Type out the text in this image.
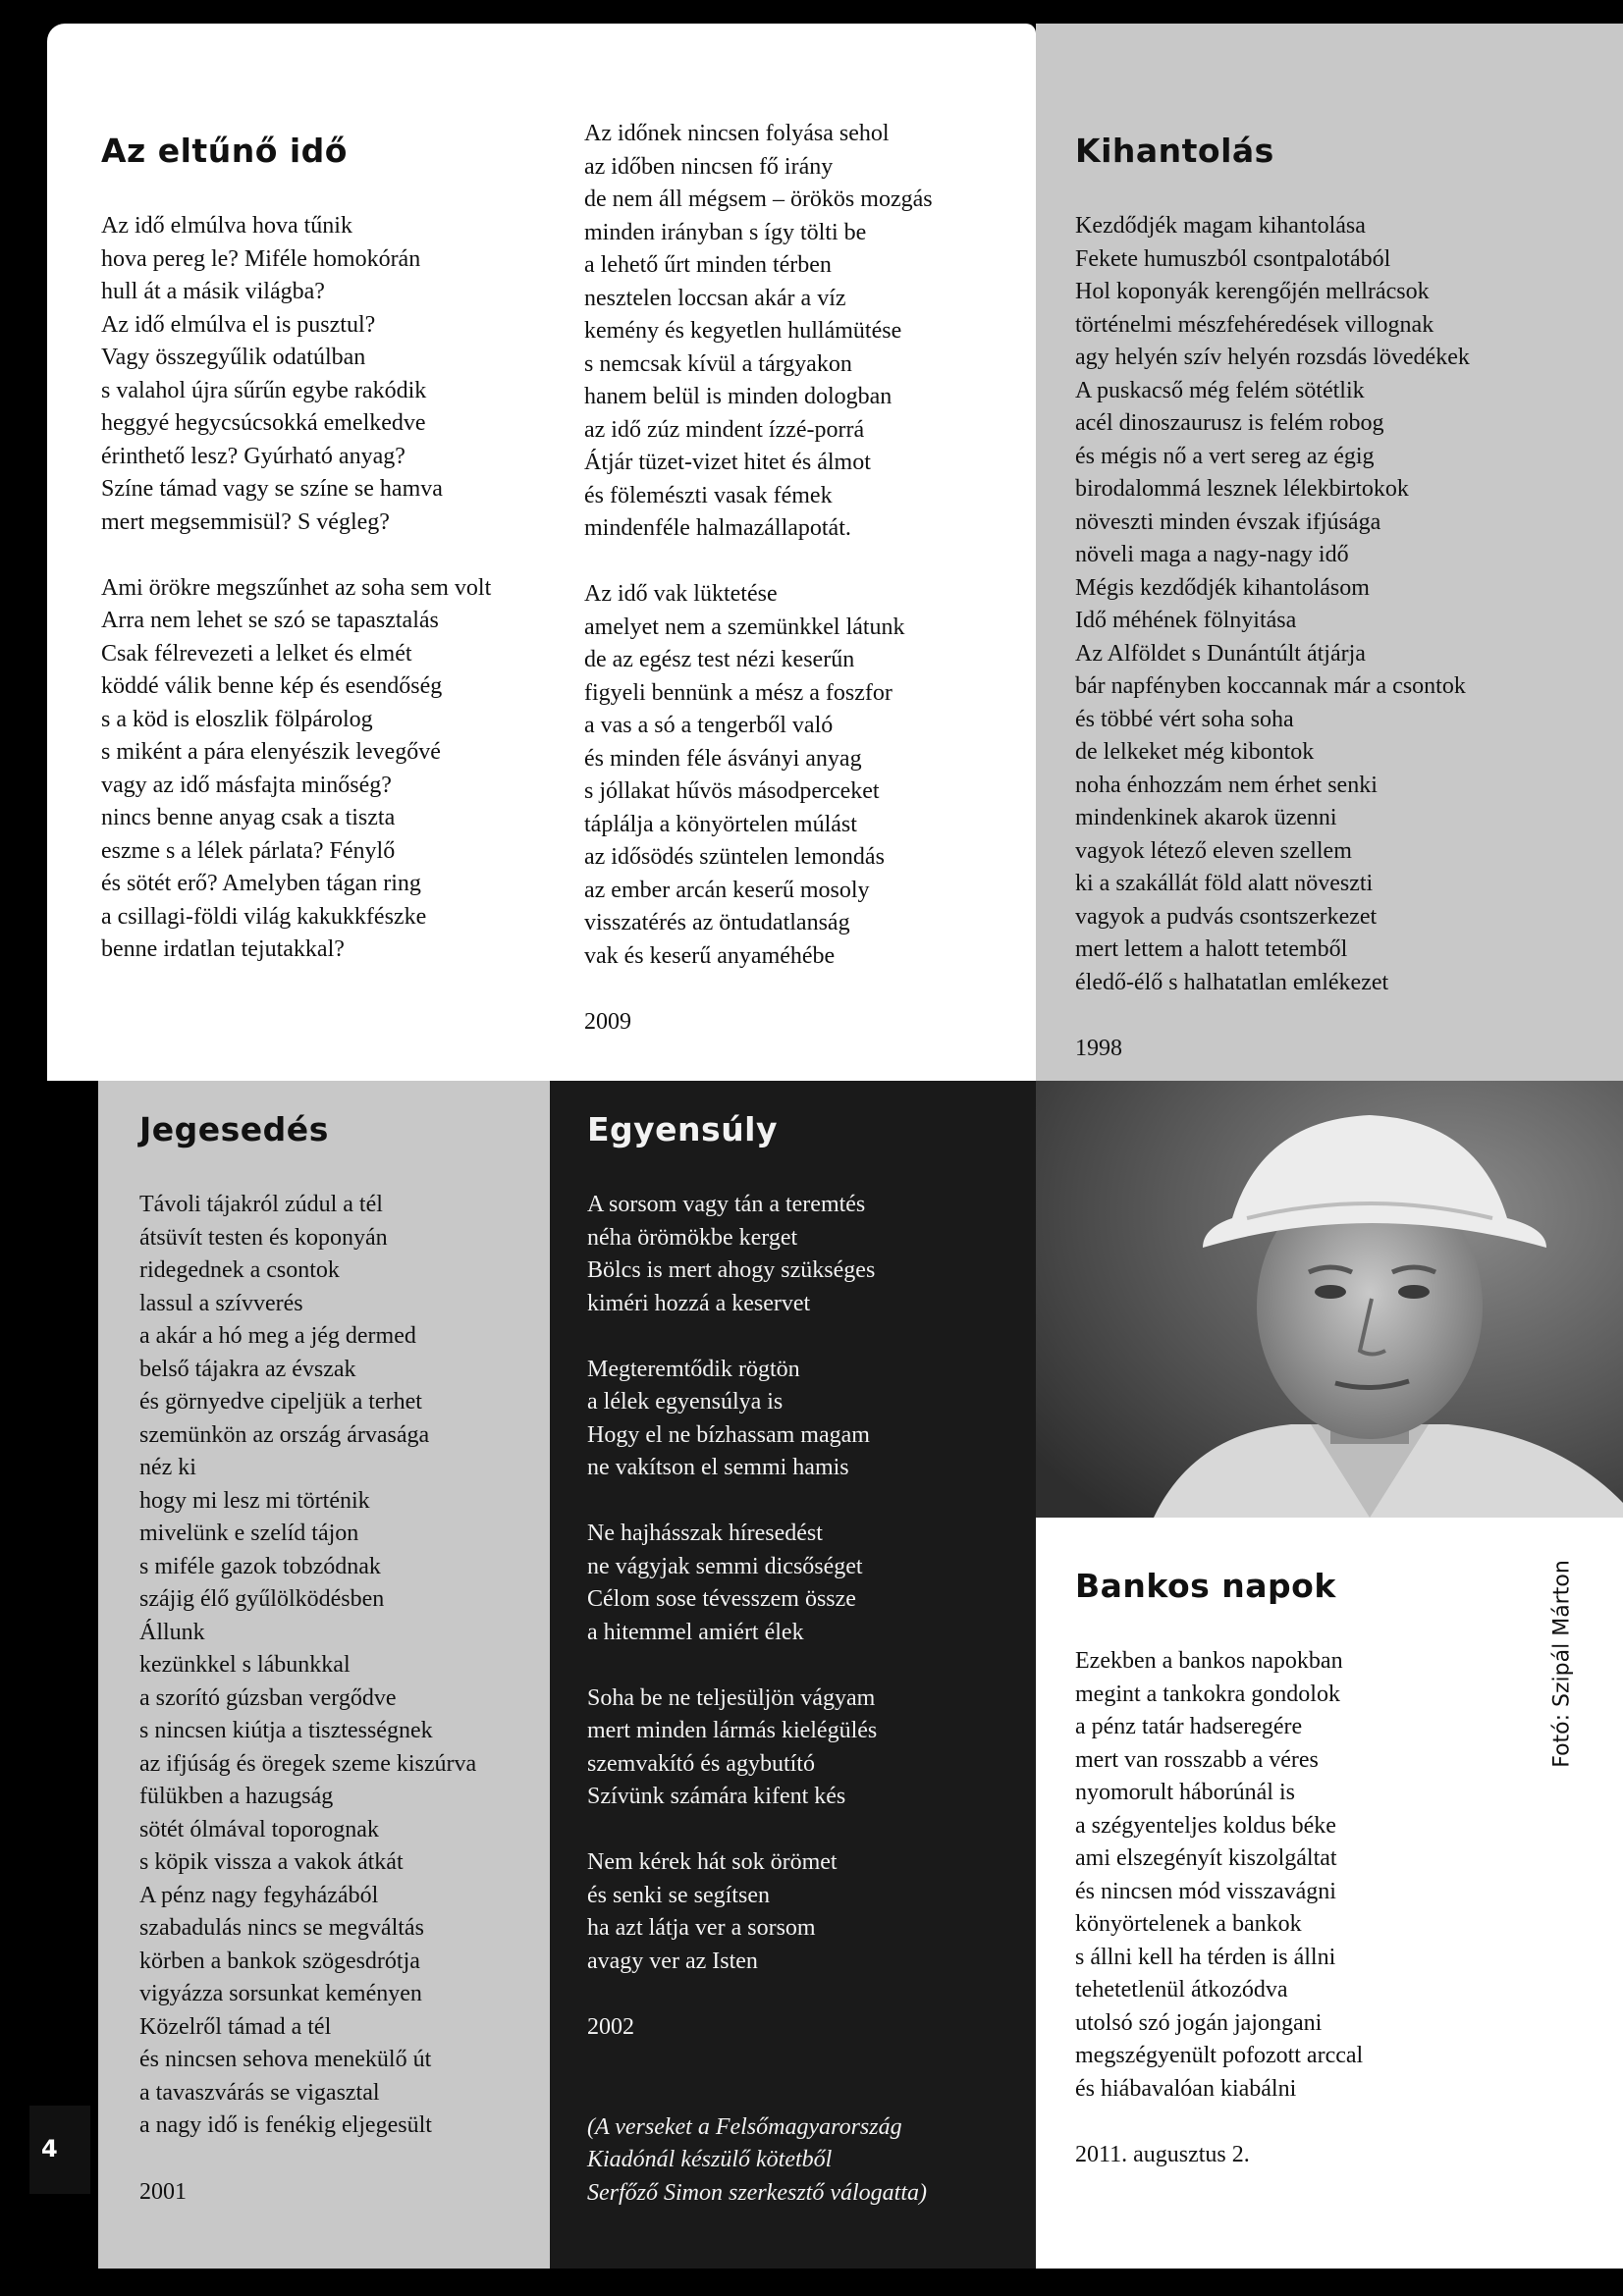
Az eltűnő idő

Az idő elmúlva hova tűnik
hova pereg le? Miféle homokórán
hull át a másik világba?
Az idő elmúlva el is pusztul?
Vagy összegyűlik odatúlban
s valahol újra sűrűn egybe rakódik
heggyé hegycsúcsokká emelkedve
érinthető lesz? Gyúrható anyag?
Színe támad vagy se színe se hamva
mert megsemmisül? S végleg?

Ami örökre megszűnhet az soha sem volt
Arra nem lehet se szó se tapasztalás
Csak félrevezeti a lelket és elmét
köddé válik benne kép és esendőség
s a köd is eloszlik fölpárolog
s miként a pára elenyészik levegővé
vagy az idő másfajta minőség?
nincs benne anyag csak a tiszta
eszme s a lélek párlata? Fénylő
és sötét erő? Amelyben tágan ring
a csillagi-földi világ kakukkfészke
benne irdatlan tejutakkal?

Az időnek nincsen folyása sehol
az időben nincsen fő irány
de nem áll mégsem – örökös mozgás
minden irányban s így tölti be
a lehető űrt minden térben
nesztelen loccsan akár a víz
kemény és kegyetlen hullámütése
s nemcsak kívül a tárgyakon
hanem belül is minden dologban
az idő zúz mindent ízzé-porrá
Átjár tüzet-vizet hitet és álmot
és fölemészti vasak fémek
mindenféle halmazállapotát.

Az idő vak lüktetése
amelyet nem a szemünkkel látunk
de az egész test nézi keserűn
figyeli bennünk a mész a foszfor
a vas a só a tengerből való
és minden féle ásványi anyag
s jóllakat hűvös másodperceket
táplálja a könyörtelen múlást
az idősödés szüntelen lemondás
az ember arcán keserű mosoly
visszatérés az öntudatlanság
vak és keserű anyaméhébe

2009

Kihantolás

Kezdődjék magam kihantolása
Fekete humuszból csontpalotából
Hol koponyák kerengőjén mellrácsok
történelmi mészfehéredések villognak
agy helyén szív helyén rozsdás lövedékek
A puskacső még felém sötétlik
acél dinoszaurusz is felém robog
és mégis nő a vert sereg az égig
birodalommá lesznek lélekbirtokok
növeszti minden évszak ifjúsága
növeli maga a nagy-nagy idő
Mégis kezdődjék kihantolásom
Idő méhének fölnyitása
Az Alföldet s Dunántúlt átjárja
bár napfényben koccannak már a csontok
és többé vért soha soha
de lelkeket még kibontok
noha énhozzám nem érhet senki
mindenkinek akarok üzenni
vagyok létező eleven szellem
ki a szakállát föld alatt növeszti
vagyok a pudvás csontszerkezet
mert lettem a halott tetemből
éledő-élő s halhatatlan emlékezet

1998

Jegesedés

Távoli tájakról zúdul a tél
átsüvít testen és koponyán
ridegednek a csontok
lassul a szívverés
a akár a hó meg a jég dermed
belső tájakra az évszak
és görnyedve cipeljük a terhet
szemünkön az ország árvasága
néz ki
hogy mi lesz mi történik
mivelünk e szelíd tájon
s miféle gazok tobzódnak
szájig élő gyűlölködésben
Állunk
kezünkkel s lábunkkal
a szorító gúzsban vergődve
s nincsen kiútja a tisztességnek
az ifjúság és öregek szeme kiszúrva
fülükben a hazugság
sötét ólmával toporognak
s köpik vissza a vakok átkát
A pénz nagy fegyházából
szabadulás nincs se megváltás
körben a bankok szögesdrótja
vigyázza sorsunkat keményen
Közelről támad a tél
és nincsen sehova menekülő út
a tavaszvárás se vigasztal
a nagy idő is fenékig eljegesült

2001

Egyensúly

A sorsom vagy tán a teremtés
néha örömökbe kerget
Bölcs is mert ahogy szükséges
kiméri hozzá a keservet

Megteremtődik rögtön
a lélek egyensúlya is
Hogy el ne bízhassam magam
ne vakítson el semmi hamis

Ne hajhásszak híresedést
ne vágyjak semmi dicsőséget
Célom sose tévesszem össze
a hitemmel amiért élek

Soha be ne teljesüljön vágyam
mert minden lármás kielégülés
szemvakító és agybutító
Szívünk számára kifent kés

Nem kérek hát sok örömet
és senki se segítsen
ha azt látja ver a sorsom
avagy ver az Isten

2002

(A verseket a Felsőmagyarország
Kiadónál készülő kötetből
Serfőző Simon szerkesztő válogatta)

Bankos napok

Ezekben a bankos napokban
megint a tankokra gondolok
a pénz tatár hadseregére
mert van rosszabb a véres
nyomorult háborúnál is
a szégyenteljes koldus béke
ami elszegényít kiszolgáltat
és nincsen mód visszavágni
könyörtelenek a bankok
s állni kell ha térden is állni
tehetetlenül átkozódva
utolsó szó jogán jajongani
megszégyenült pofozott arccal
és hiábavalóan kiabálni

2011. augusztus 2.

Fotó: Szipál Márton
4
